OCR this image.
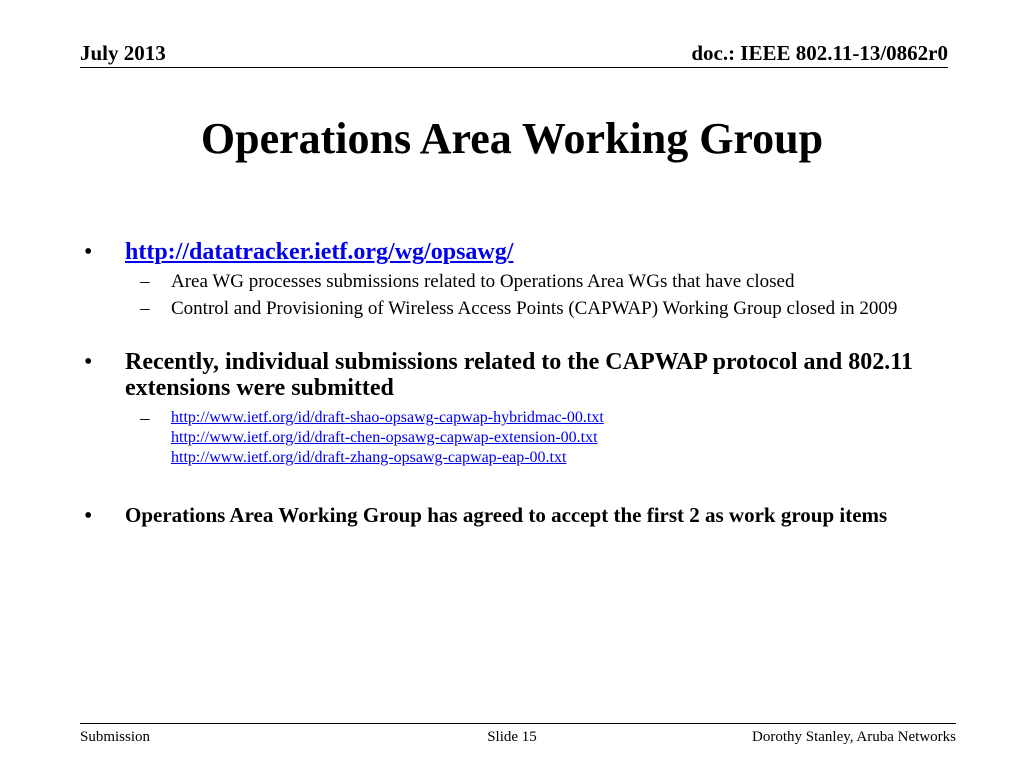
July 2013	doc.: IEEE 802.11-13/0862r0
Operations Area Working Group
• http://datatracker.ietf.org/wg/opsawg/
– Area WG processes submissions related to Operations Area WGs that have closed
– Control and Provisioning of Wireless Access Points (CAPWAP) Working Group closed in 2009
• Recently, individual submissions related to the CAPWAP protocol and 802.11 extensions were submitted
– http://www.ietf.org/id/draft-shao-opsawg-capwap-hybridmac-00.txt
http://www.ietf.org/id/draft-chen-opsawg-capwap-extension-00.txt
http://www.ietf.org/id/draft-zhang-opsawg-capwap-eap-00.txt
• Operations Area Working Group has agreed to accept the first 2 as work group items
Submission	Slide 15	Dorothy Stanley, Aruba Networks
